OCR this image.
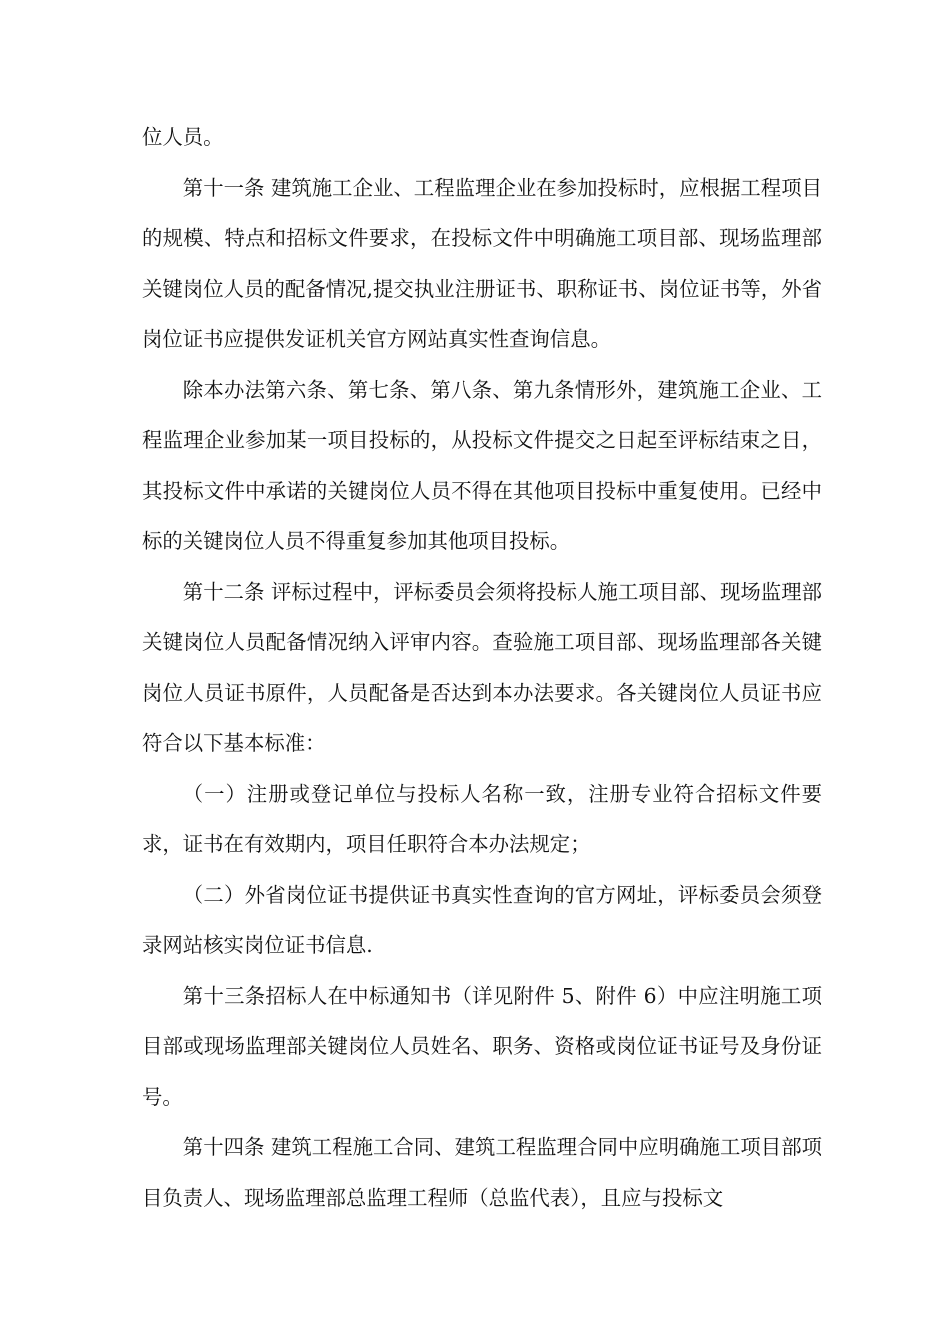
位人员。

第十一条 建筑施工企业、工程监理企业在参加投标时，应根据工程项目的规模、特点和招标文件要求，在投标文件中明确施工项目部、现场监理部关键岗位人员的配备情况,提交执业注册证书、职称证书、岗位证书等，外省岗位证书应提供发证机关官方网站真实性查询信息。

除本办法第六条、第七条、第八条、第九条情形外，建筑施工企业、工程监理企业参加某一项目投标的，从投标文件提交之日起至评标结束之日，其投标文件中承诺的关键岗位人员不得在其他项目投标中重复使用。已经中标的关键岗位人员不得重复参加其他项目投标。

第十二条 评标过程中，评标委员会须将投标人施工项目部、现场监理部关键岗位人员配备情况纳入评审内容。查验施工项目部、现场监理部各关键岗位人员证书原件，人员配备是否达到本办法要求。各关键岗位人员证书应符合以下基本标准：

（一）注册或登记单位与投标人名称一致，注册专业符合招标文件要求，证书在有效期内，项目任职符合本办法规定；

（二）外省岗位证书提供证书真实性查询的官方网址，评标委员会须登录网站核实岗位证书信息.

第十三条招标人在中标通知书（详见附件 5、附件 6）中应注明施工项目部或现场监理部关键岗位人员姓名、职务、资格或岗位证书证号及身份证号。

第十四条 建筑工程施工合同、建筑工程监理合同中应明确施工项目部项目负责人、现场监理部总监理工程师（总监代表），且应与投标文
